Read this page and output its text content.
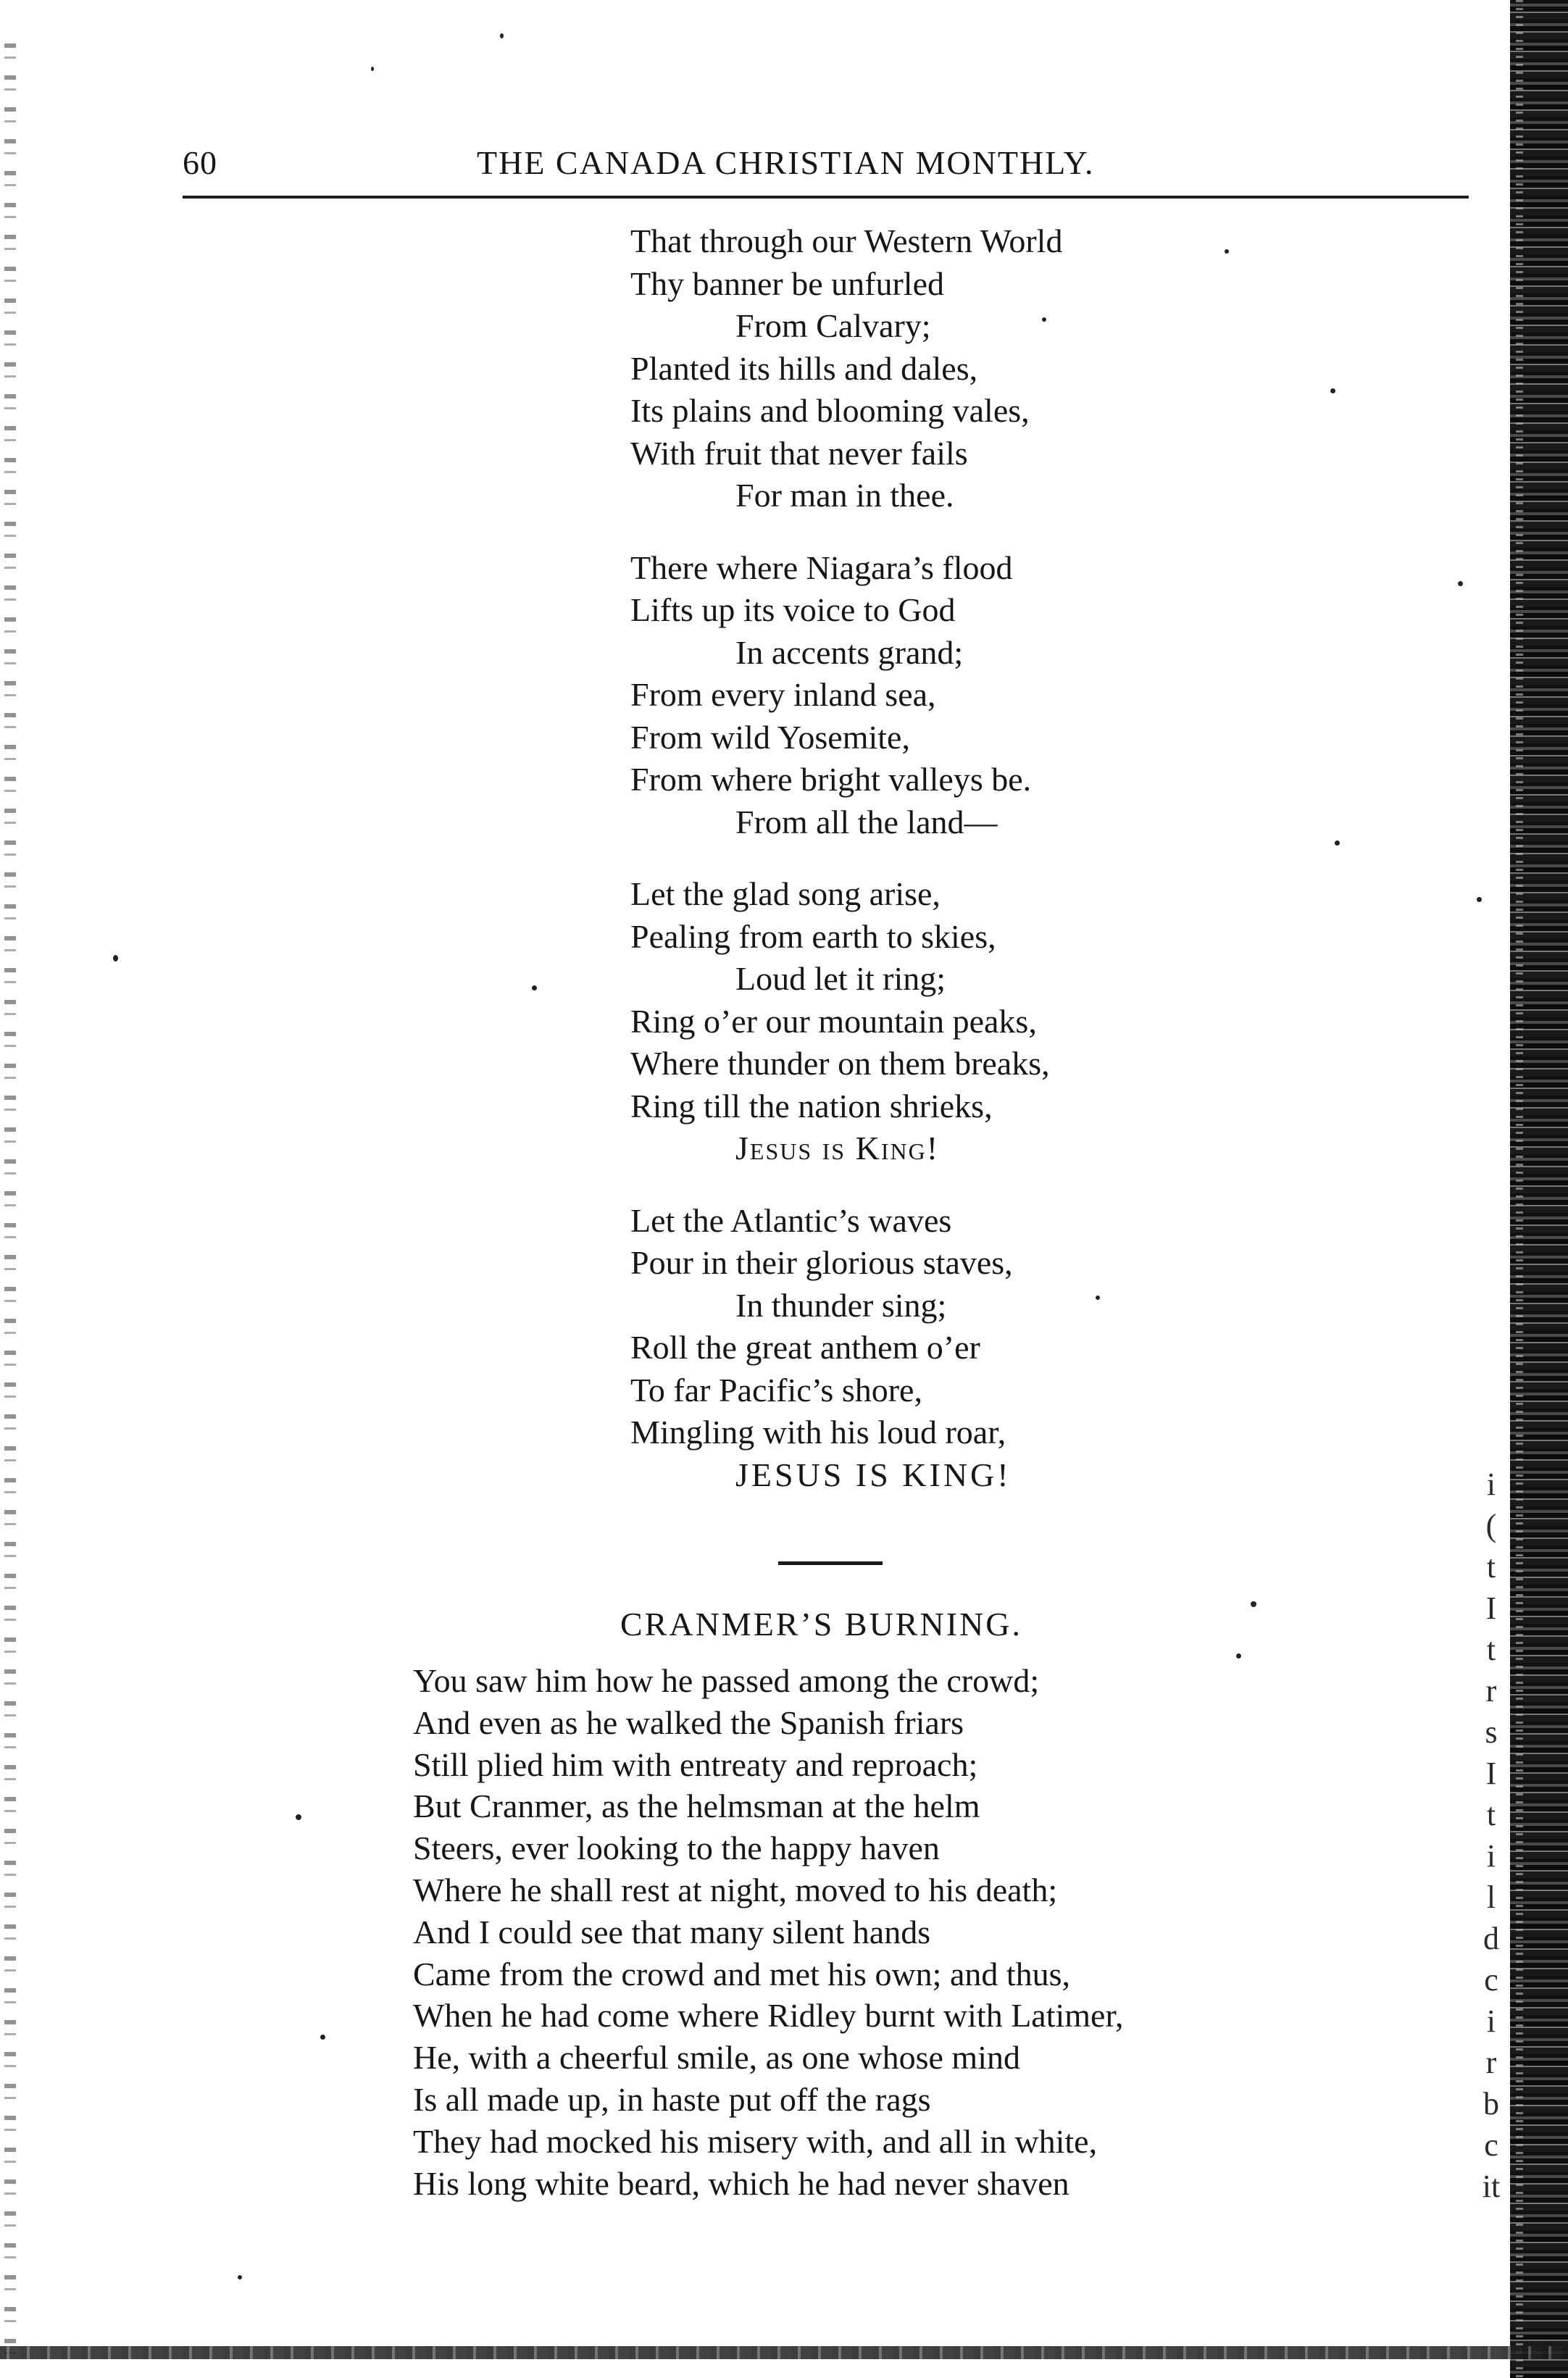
i
(
t
I
t
r
s
I
t
i
l
d
c
i
r
b
c
it
60	THE CANADA CHRISTIAN MONTHLY.
That through our Western World
Thy banner be unfurled
From Calvary;
Planted its hills and dales,
Its plains and blooming vales,
With fruit that never fails
For man in thee.
There where Niagara’s flood
Lifts up its voice to God
In accents grand;
From every inland sea,
From wild Yosemite,
From where bright valleys be.
From all the land—
Let the glad song arise,
Pealing from earth to skies,
Loud let it ring;
Ring o’er our mountain peaks,
Where thunder on them breaks,
Ring till the nation shrieks,
Jesus is King!
Let the Atlantic’s waves
Pour in their glorious staves,
In thunder sing;
Roll the great anthem o’er
To far Pacific’s shore,
Mingling with his loud roar,
JESUS IS KING!
CRANMER’S BURNING.
You saw him how he passed among the crowd;
And even as he walked the Spanish friars
Still plied him with entreaty and reproach;
But Cranmer, as the helmsman at the helm
Steers, ever looking to the happy haven
Where he shall rest at night, moved to his death;
And I could see that many silent hands
Came from the crowd and met his own; and thus,
When he had come where Ridley burnt with Latimer,
He, with a cheerful smile, as one whose mind
Is all made up, in haste put off the rags
They had mocked his misery with, and all in white,
His long white beard, which he had never shaven
